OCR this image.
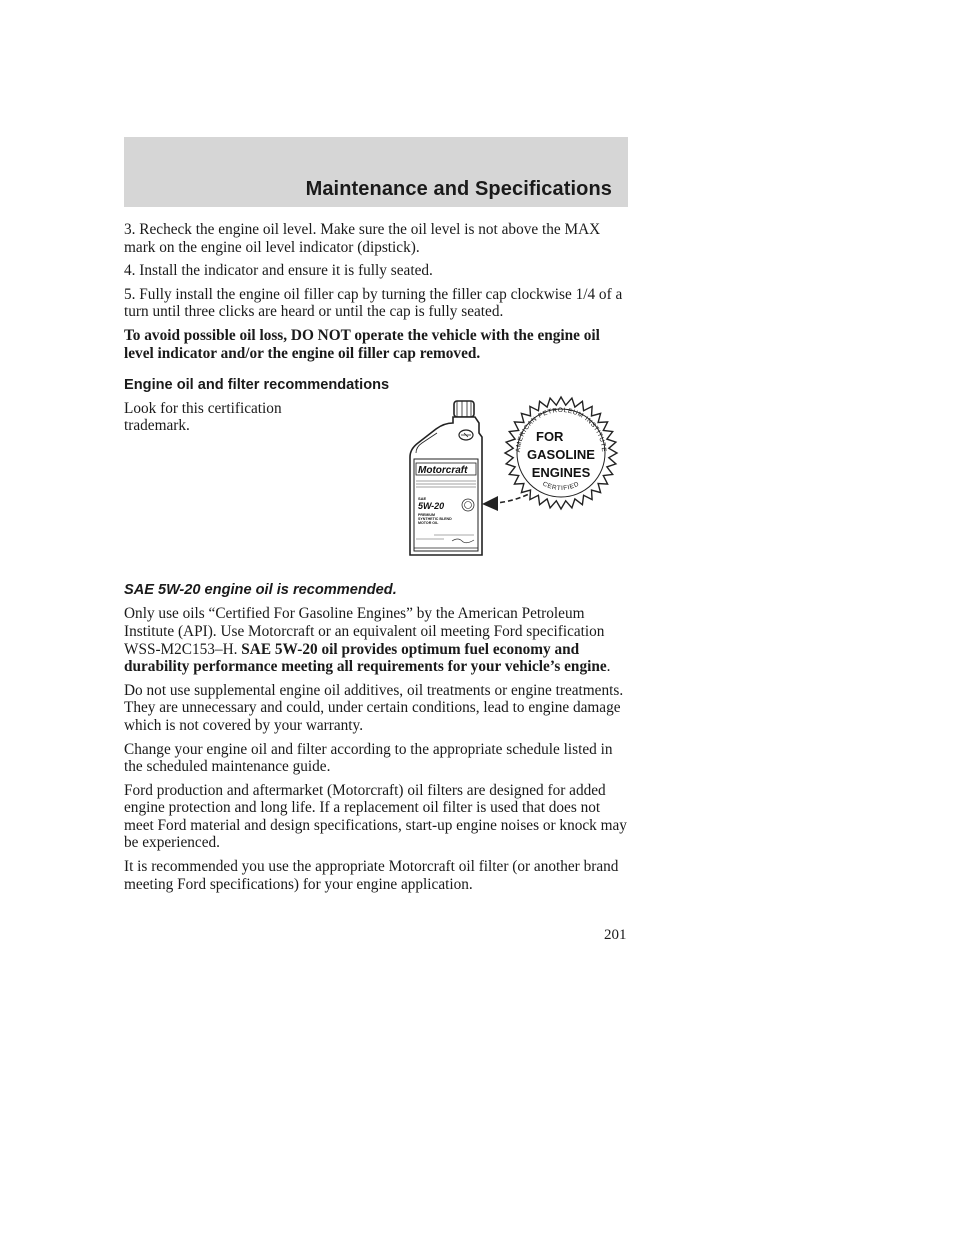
Maintenance and Specifications

3. Recheck the engine oil level. Make sure the oil level is not above the MAX mark on the engine oil level indicator (dipstick).

4. Install the indicator and ensure it is fully seated.

5. Fully install the engine oil filler cap by turning the filler cap clockwise 1/4 of a turn until three clicks are heard or until the cap is fully seated.

To avoid possible oil loss, DO NOT operate the vehicle with the engine oil level indicator and/or the engine oil filler cap removed.

Engine oil and filter recommendations

Look for this certification trademark.
Motorcraft
SAE
5W-20
PREMIUM
SYNTHETIC BLEND
MOTOR OIL
AMERICAN PETROLEUM INSTITUTE
CERTIFIED
FOR
GASOLINE
ENGINES

SAE 5W-20 engine oil is recommended.

Only use oils “Certified For Gasoline Engines” by the American Petroleum Institute (API). Use Motorcraft or an equivalent oil meeting Ford specification WSS-M2C153–H. SAE 5W-20 oil provides optimum fuel economy and durability performance meeting all requirements for your vehicle’s engine.

Do not use supplemental engine oil additives, oil treatments or engine treatments. They are unnecessary and could, under certain conditions, lead to engine damage which is not covered by your warranty.

Change your engine oil and filter according to the appropriate schedule listed in the scheduled maintenance guide.

Ford production and aftermarket (Motorcraft) oil filters are designed for added engine protection and long life. If a replacement oil filter is used that does not meet Ford material and design specifications, start-up engine noises or knock may be experienced.

It is recommended you use the appropriate Motorcraft oil filter (or another brand meeting Ford specifications) for your engine application.

201
